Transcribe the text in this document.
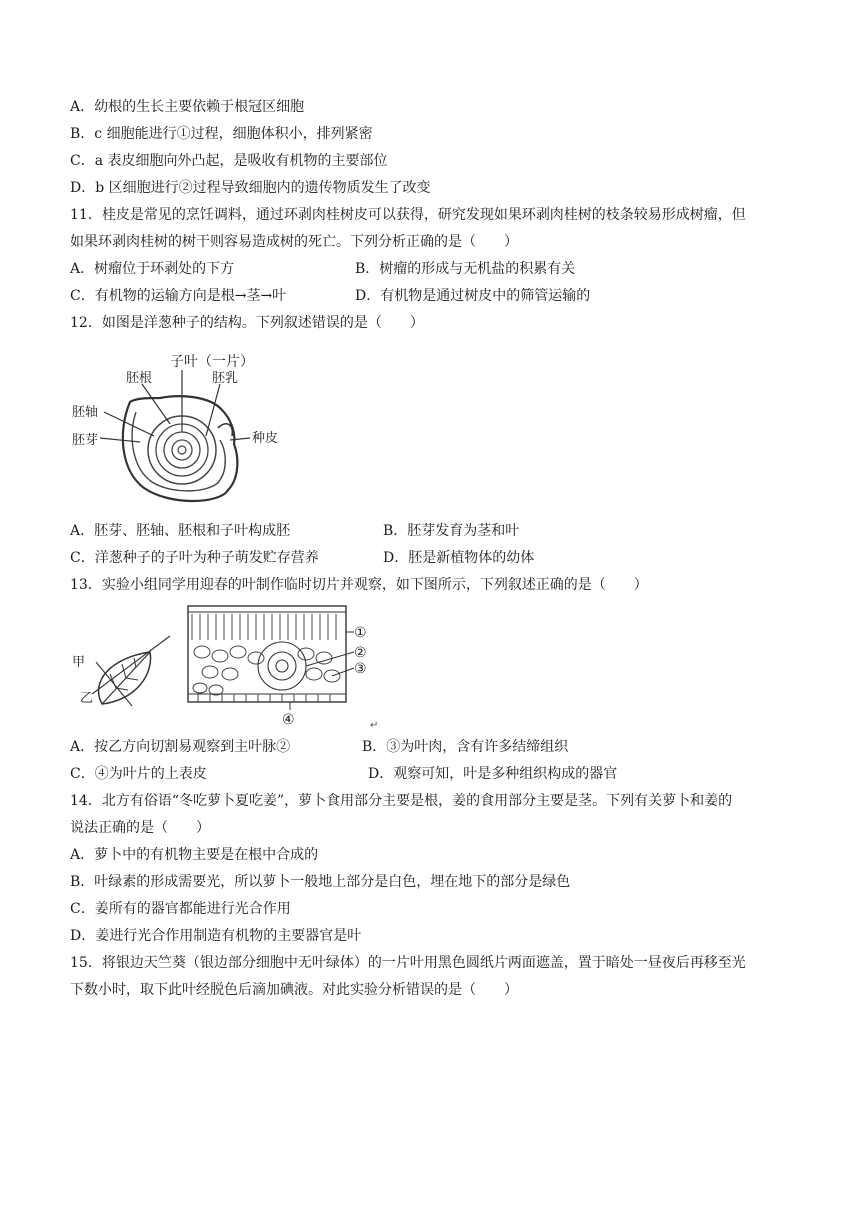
A．幼根的生长主要依赖于根冠区细胞
B．c 细胞能进行①过程，细胞体积小，排列紧密
C．a 表皮细胞向外凸起，是吸收有机物的主要部位
D．b 区细胞进行②过程导致细胞内的遗传物质发生了改变
11．桂皮是常见的烹饪调料，通过环剥肉桂树皮可以获得，研究发现如果环剥肉桂树的枝条较易形成树瘤，但
如果环剥肉桂树的树干则容易造成树的死亡。下列分析正确的是（　　）
A．树瘤位于环剥处的下方	B．树瘤的形成与无机盐的积累有关
C．有机物的运输方向是根→茎→叶	D．有机物是通过树皮中的筛管运输的
12．如图是洋葱种子的结构。下列叙述错误的是（　　）
子叶（一片）
胚根	胚乳
胚轴
胚芽	种皮
A．胚芽、胚轴、胚根和子叶构成胚	B．胚芽发育为茎和叶
C．洋葱种子的子叶为种子萌发贮存营养	D．胚是新植物体的幼体
13．实验小组同学用迎春的叶制作临时切片并观察，如下图所示，下列叙述正确的是（　　）
甲
乙
①
②
③
④	↵
A．按乙方向切割易观察到主叶脉②	B．③为叶肉，含有许多结缔组织
C．④为叶片的上表皮	D．观察可知，叶是多种组织构成的器官
14．北方有俗语“冬吃萝卜夏吃姜”，萝卜食用部分主要是根，姜的食用部分主要是茎。下列有关萝卜和姜的
说法正确的是（　　）
A．萝卜中的有机物主要是在根中合成的
B．叶绿素的形成需要光，所以萝卜一般地上部分是白色，埋在地下的部分是绿色
C．姜所有的器官都能进行光合作用
D．姜进行光合作用制造有机物的主要器官是叶
15．将银边天竺葵（银边部分细胞中无叶绿体）的一片叶用黑色圆纸片两面遮盖，置于暗处一昼夜后再移至光
下数小时，取下此叶经脱色后滴加碘液。对此实验分析错误的是（　　）
